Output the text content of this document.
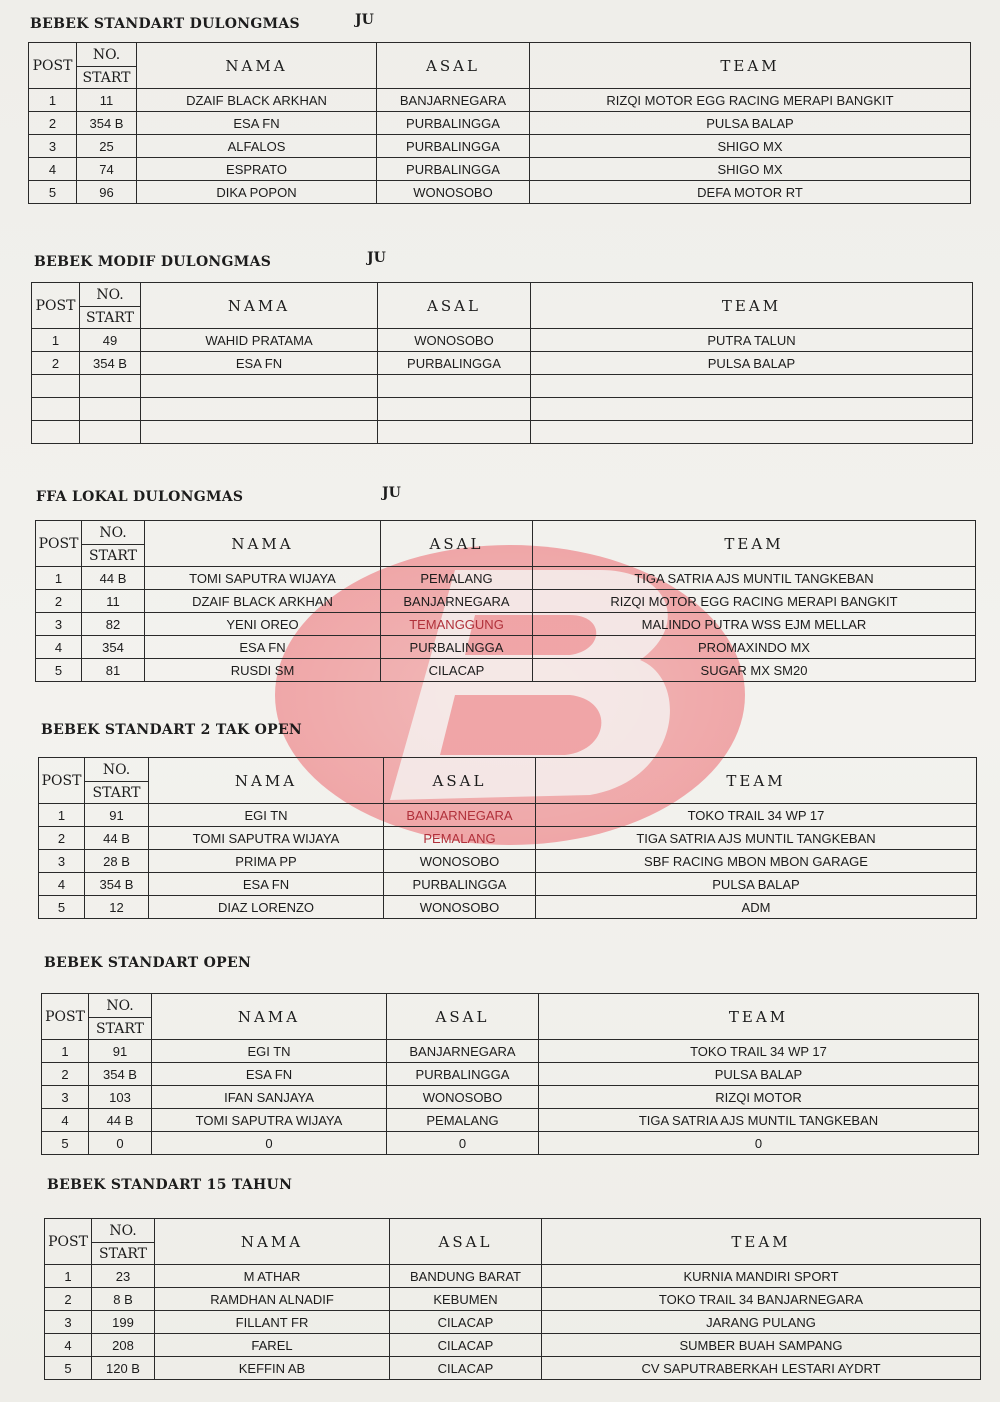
BEBEK STANDART DULONGMAS	JU
POST	NO.	NAMA	ASAL	TEAM
	START			
1	11	DZAIF BLACK ARKHAN	BANJARNEGARA	RIZQI MOTOR EGG RACING MERAPI BANGKIT
2	354 B	ESA FN	PURBALINGGA	PULSA BALAP
3	25	ALFALOS	PURBALINGGA	SHIGO MX
4	74	ESPRATO	PURBALINGGA	SHIGO MX
5	96	DIKA POPON	WONOSOBO	DEFA MOTOR RT
BEBEK MODIF DULONGMAS	JU
POST	NO.	NAMA	ASAL	TEAM
	START			
1	49	WAHID PRATAMA	WONOSOBO	PUTRA TALUN
2	354 B	ESA FN	PURBALINGGA	PULSA BALAP

FFA LOKAL DULONGMAS	JU
POST	NO.	NAMA	ASAL	TEAM
	START			
1	44 B	TOMI SAPUTRA WIJAYA	PEMALANG	TIGA SATRIA AJS MUNTIL TANGKEBAN
2	11	DZAIF BLACK ARKHAN	BANJARNEGARA	RIZQI MOTOR EGG RACING MERAPI BANGKIT
3	82	YENI OREO	TEMANGGUNG	MALINDO PUTRA WSS EJM MELLAR
4	354	ESA FN	PURBALINGGA	PROMAXINDO MX
5	81	RUSDI SM	CILACAP	SUGAR MX SM20
BEBEK STANDART 2 TAK OPEN
POST	NO.	NAMA	ASAL	TEAM
	START			
1	91	EGI TN	BANJARNEGARA	TOKO TRAIL 34 WP 17
2	44 B	TOMI SAPUTRA WIJAYA	PEMALANG	TIGA SATRIA AJS MUNTIL TANGKEBAN
3	28 B	PRIMA PP	WONOSOBO	SBF RACING MBON MBON GARAGE
4	354 B	ESA FN	PURBALINGGA	PULSA BALAP
5	12	DIAZ LORENZO	WONOSOBO	ADM
BEBEK STANDART OPEN
POST	NO.	NAMA	ASAL	TEAM
	START			
1	91	EGI TN	BANJARNEGARA	TOKO TRAIL 34 WP 17
2	354 B	ESA FN	PURBALINGGA	PULSA BALAP
3	103	IFAN SANJAYA	WONOSOBO	RIZQI MOTOR
4	44 B	TOMI SAPUTRA WIJAYA	PEMALANG	TIGA SATRIA AJS MUNTIL TANGKEBAN
5	0	0	0	0
BEBEK STANDART 15 TAHUN
POST	NO.	NAMA	ASAL	TEAM
	START			
1	23	M ATHAR	BANDUNG BARAT	KURNIA MANDIRI SPORT
2	8 B	RAMDHAN ALNADIF	KEBUMEN	TOKO TRAIL 34 BANJARNEGARA
3	199	FILLANT FR	CILACAP	JARANG PULANG
4	208	FAREL	CILACAP	SUMBER BUAH SAMPANG
5	120 B	KEFFIN AB	CILACAP	CV SAPUTRABERKAH LESTARI AYDRT
